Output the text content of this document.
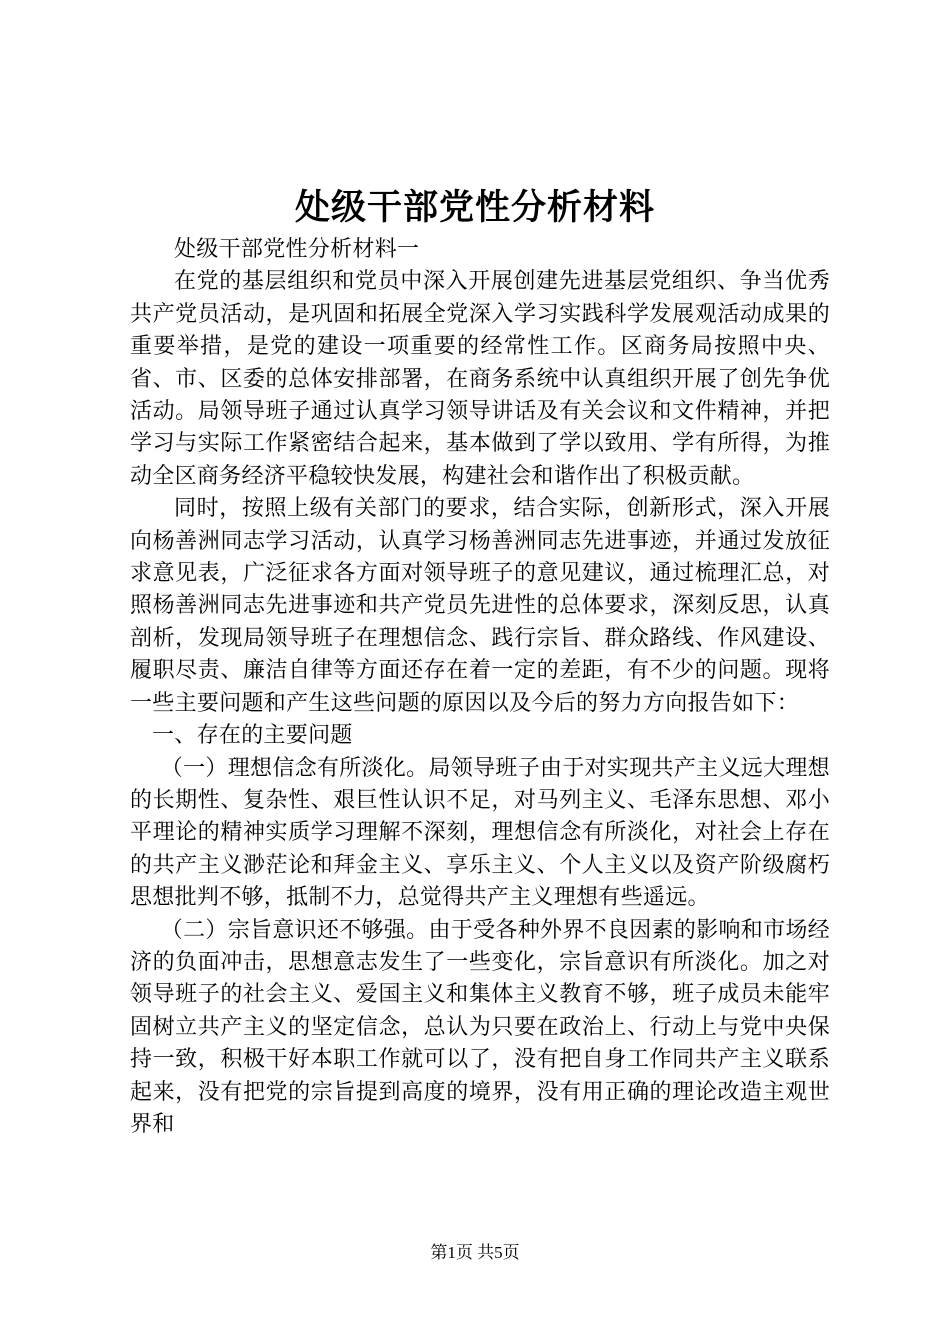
处级干部党性分析材料

处级干部党性分析材料一

在党的基层组织和党员中深入开展创建先进基层党组织、争当优秀共产党员活动，是巩固和拓展全党深入学习实践科学发展观活动成果的重要举措，是党的建设一项重要的经常性工作。区商务局按照中央、省、市、区委的总体安排部署，在商务系统中认真组织开展了创先争优活动。局领导班子通过认真学习领导讲话及有关会议和文件精神，并把学习与实际工作紧密结合起来，基本做到了学以致用、学有所得，为推动全区商务经济平稳较快发展，构建社会和谐作出了积极贡献。

同时，按照上级有关部门的要求，结合实际，创新形式，深入开展向杨善洲同志学习活动，认真学习杨善洲同志先进事迹，并通过发放征求意见表，广泛征求各方面对领导班子的意见建议，通过梳理汇总，对照杨善洲同志先进事迹和共产党员先进性的总体要求，深刻反思，认真剖析，发现局领导班子在理想信念、践行宗旨、群众路线、作风建设、履职尽责、廉洁自律等方面还存在着一定的差距，有不少的问题。现将一些主要问题和产生这些问题的原因以及今后的努力方向报告如下：

一、存在的主要问题

（一）理想信念有所淡化。局领导班子由于对实现共产主义远大理想的长期性、复杂性、艰巨性认识不足，对马列主义、毛泽东思想、邓小平理论的精神实质学习理解不深刻，理想信念有所淡化，对社会上存在的共产主义渺茫论和拜金主义、享乐主义、个人主义以及资产阶级腐朽思想批判不够，抵制不力，总觉得共产主义理想有些遥远。

（二）宗旨意识还不够强。由于受各种外界不良因素的影响和市场经济的负面冲击，思想意志发生了一些变化，宗旨意识有所淡化。加之对领导班子的社会主义、爱国主义和集体主义教育不够，班子成员未能牢固树立共产主义的坚定信念，总认为只要在政治上、行动上与党中央保持一致，积极干好本职工作就可以了，没有把自身工作同共产主义联系起来，没有把党的宗旨提到高度的境界，没有用正确的理论改造主观世界和

第1页 共5页
